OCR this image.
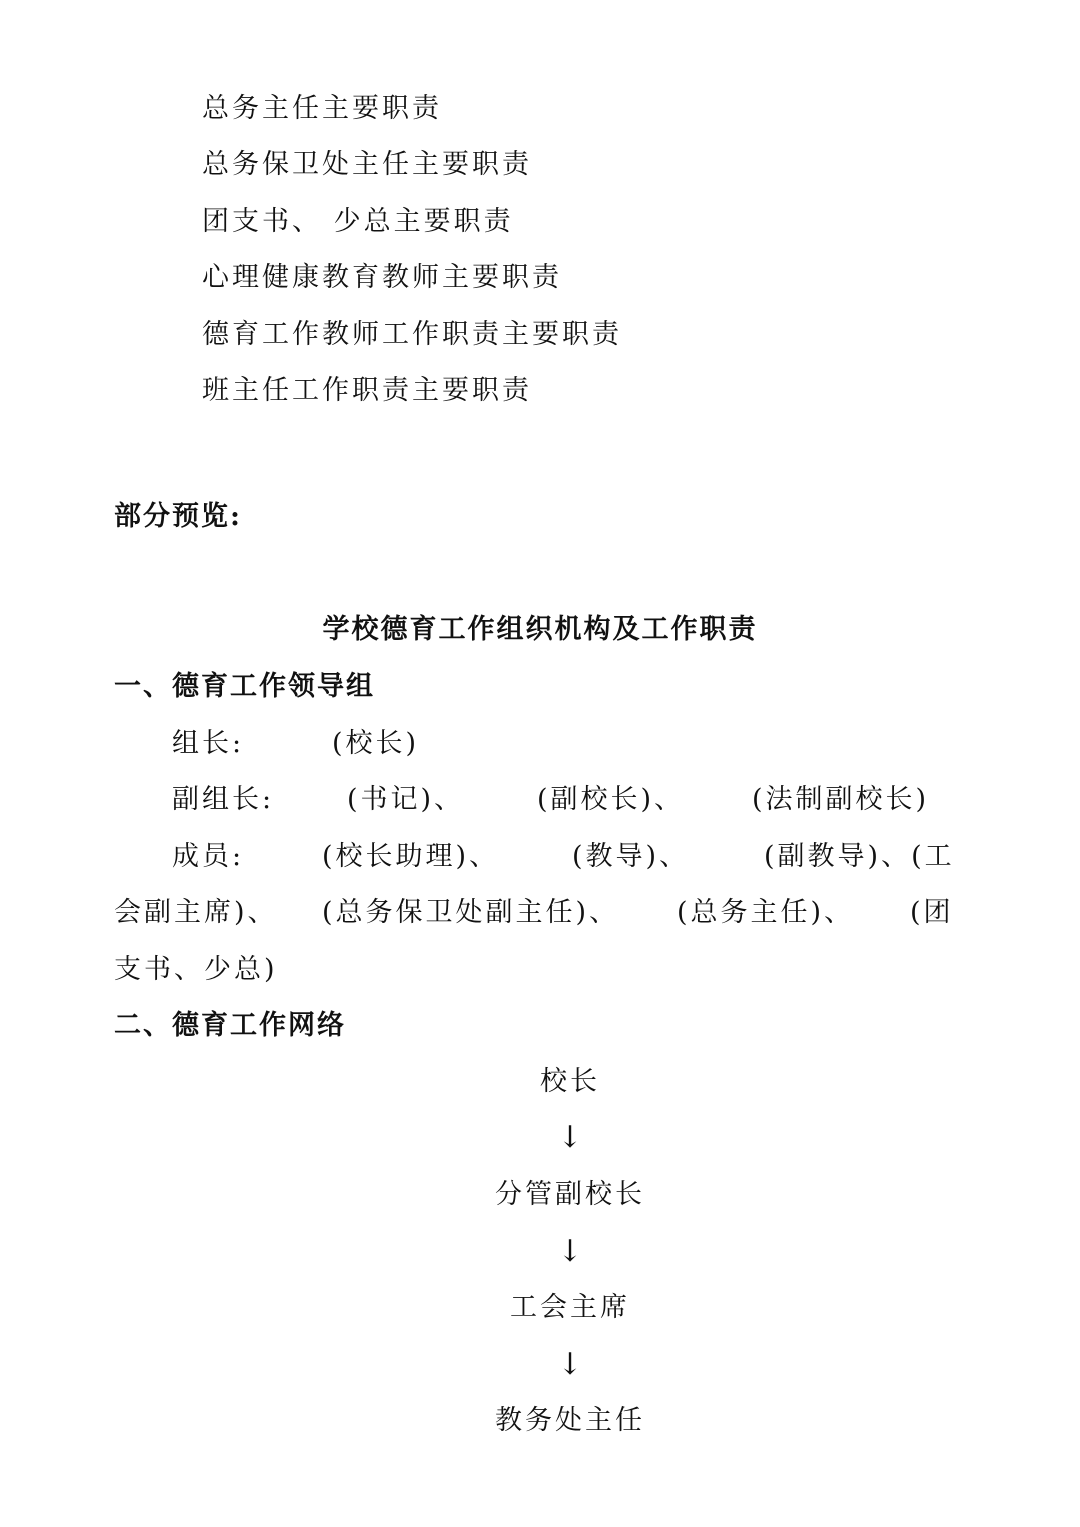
总务主任主要职责
总务保卫处主任主要职责
团支书、 少总主要职责
心理健康教育教师主要职责
德育工作教师工作职责主要职责
班主任工作职责主要职责
部分预览:
学校德育工作组织机构及工作职责
一、德育工作领导组
组长:	(校长)
副组长:	(书记)、	(副校长)、	(法制副校长)
成员:	(校长助理)、	(教导)、	(副教导)、(工
会副主席)、 (总务保卫处副主任)、 (总务主任)、 (团
支书、少总)
二、德育工作网络
校长
↓
分管副校长
↓
工会主席
↓
教务处主任
